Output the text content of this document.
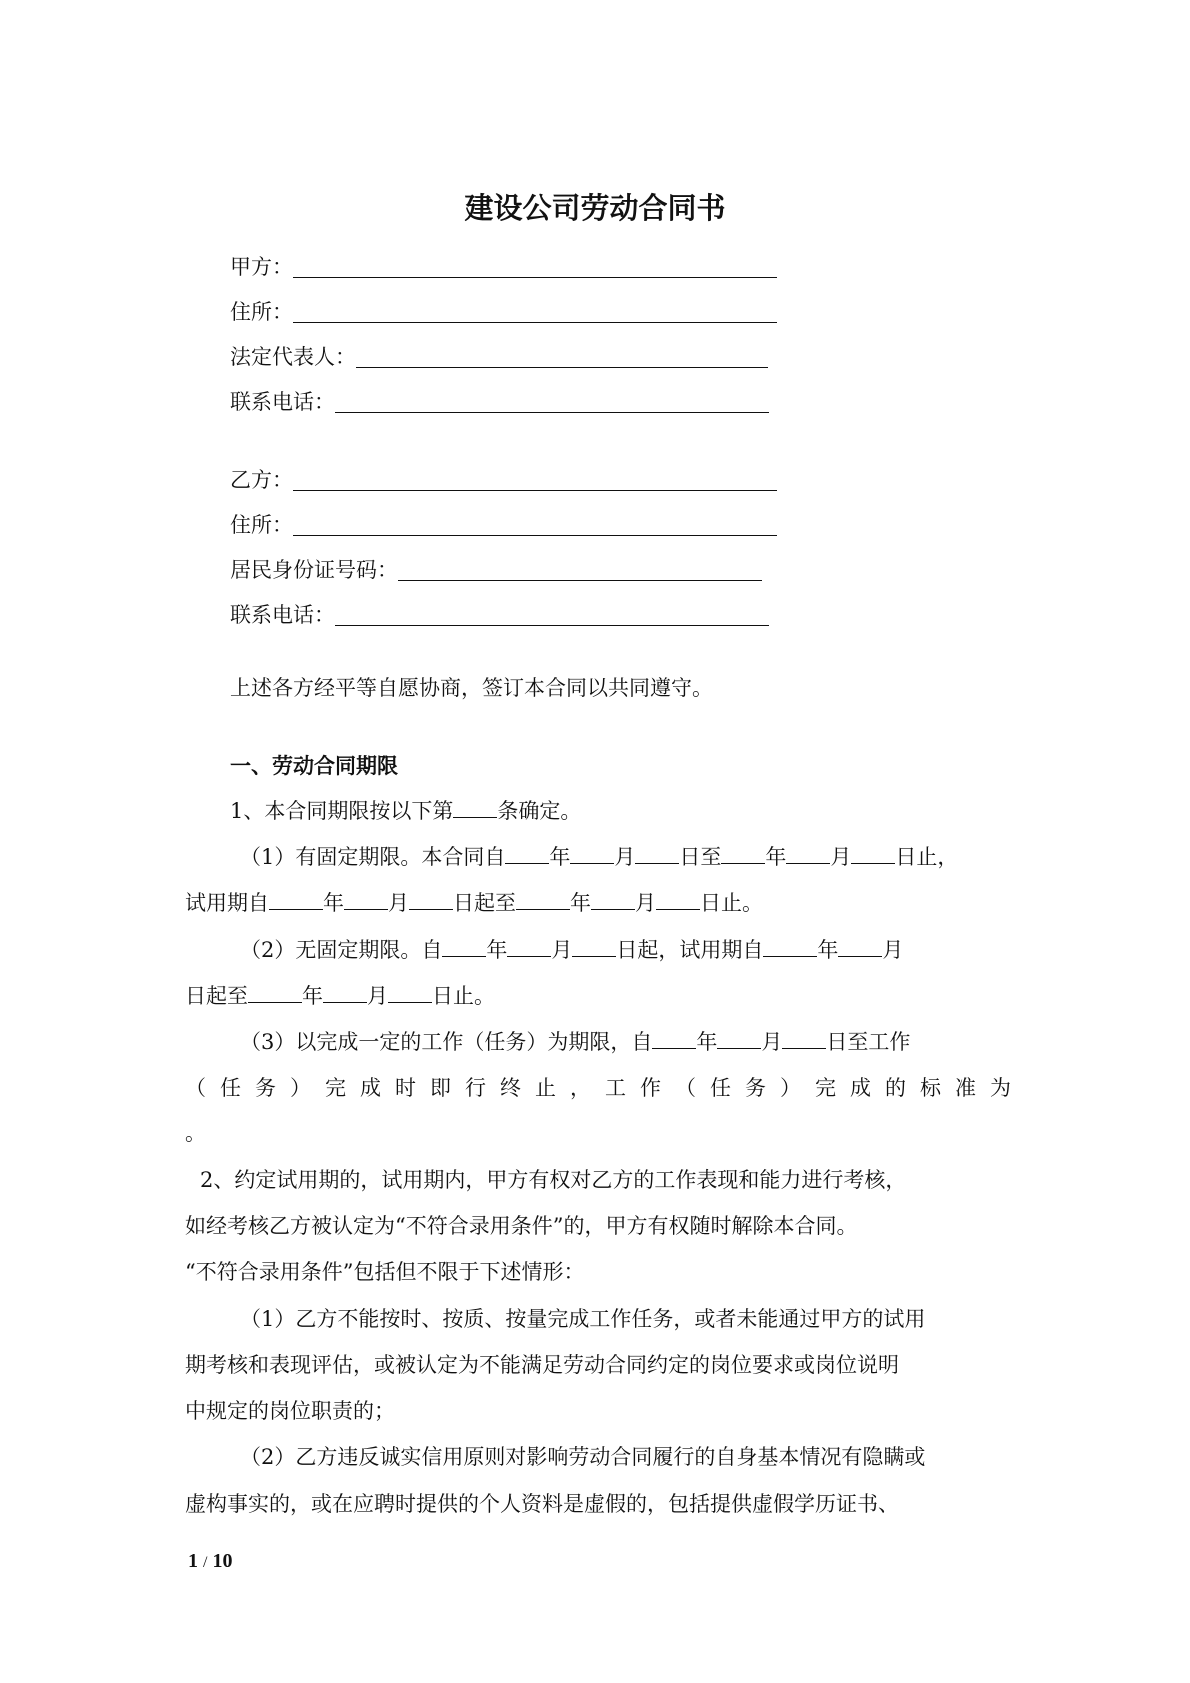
建设公司劳动合同书
甲方：
住所：
法定代表人：
联系电话：
乙方：
住所：
居民身份证号码：
联系电话：
上述各方经平等自愿协商，签订本合同以共同遵守。
一、劳动合同期限
1、本合同期限按以下第 条确定。
（1）有固定期限。本合同自 年 月 日至 年 月 日止，
试用期自	年 月 日起至	年 月 日止。
（2）无固定期限。自 年 月 日起，试用期自	年 月
日起至	年 月 日止。
（3）以完成一定的工作（任务）为期限，自 年 月 日至工作
（ 任 务 ） 完 成 时 即 行 终 止 ， 工 作 （ 任 务 ） 完 成 的 标 准 为
。
2、约定试用期的，试用期内，甲方有权对乙方的工作表现和能力进行考核，
如经考核乙方被认定为“不符合录用条件”的，甲方有权随时解除本合同。
“不符合录用条件”包括但不限于下述情形：
（1）乙方不能按时、按质、按量完成工作任务，或者未能通过甲方的试用
期考核和表现评估，或被认定为不能满足劳动合同约定的岗位要求或岗位说明
中规定的岗位职责的；
（2）乙方违反诚实信用原则对影响劳动合同履行的自身基本情况有隐瞒或
虚构事实的，或在应聘时提供的个人资料是虚假的，包括提供虚假学历证书、
1 / 10
